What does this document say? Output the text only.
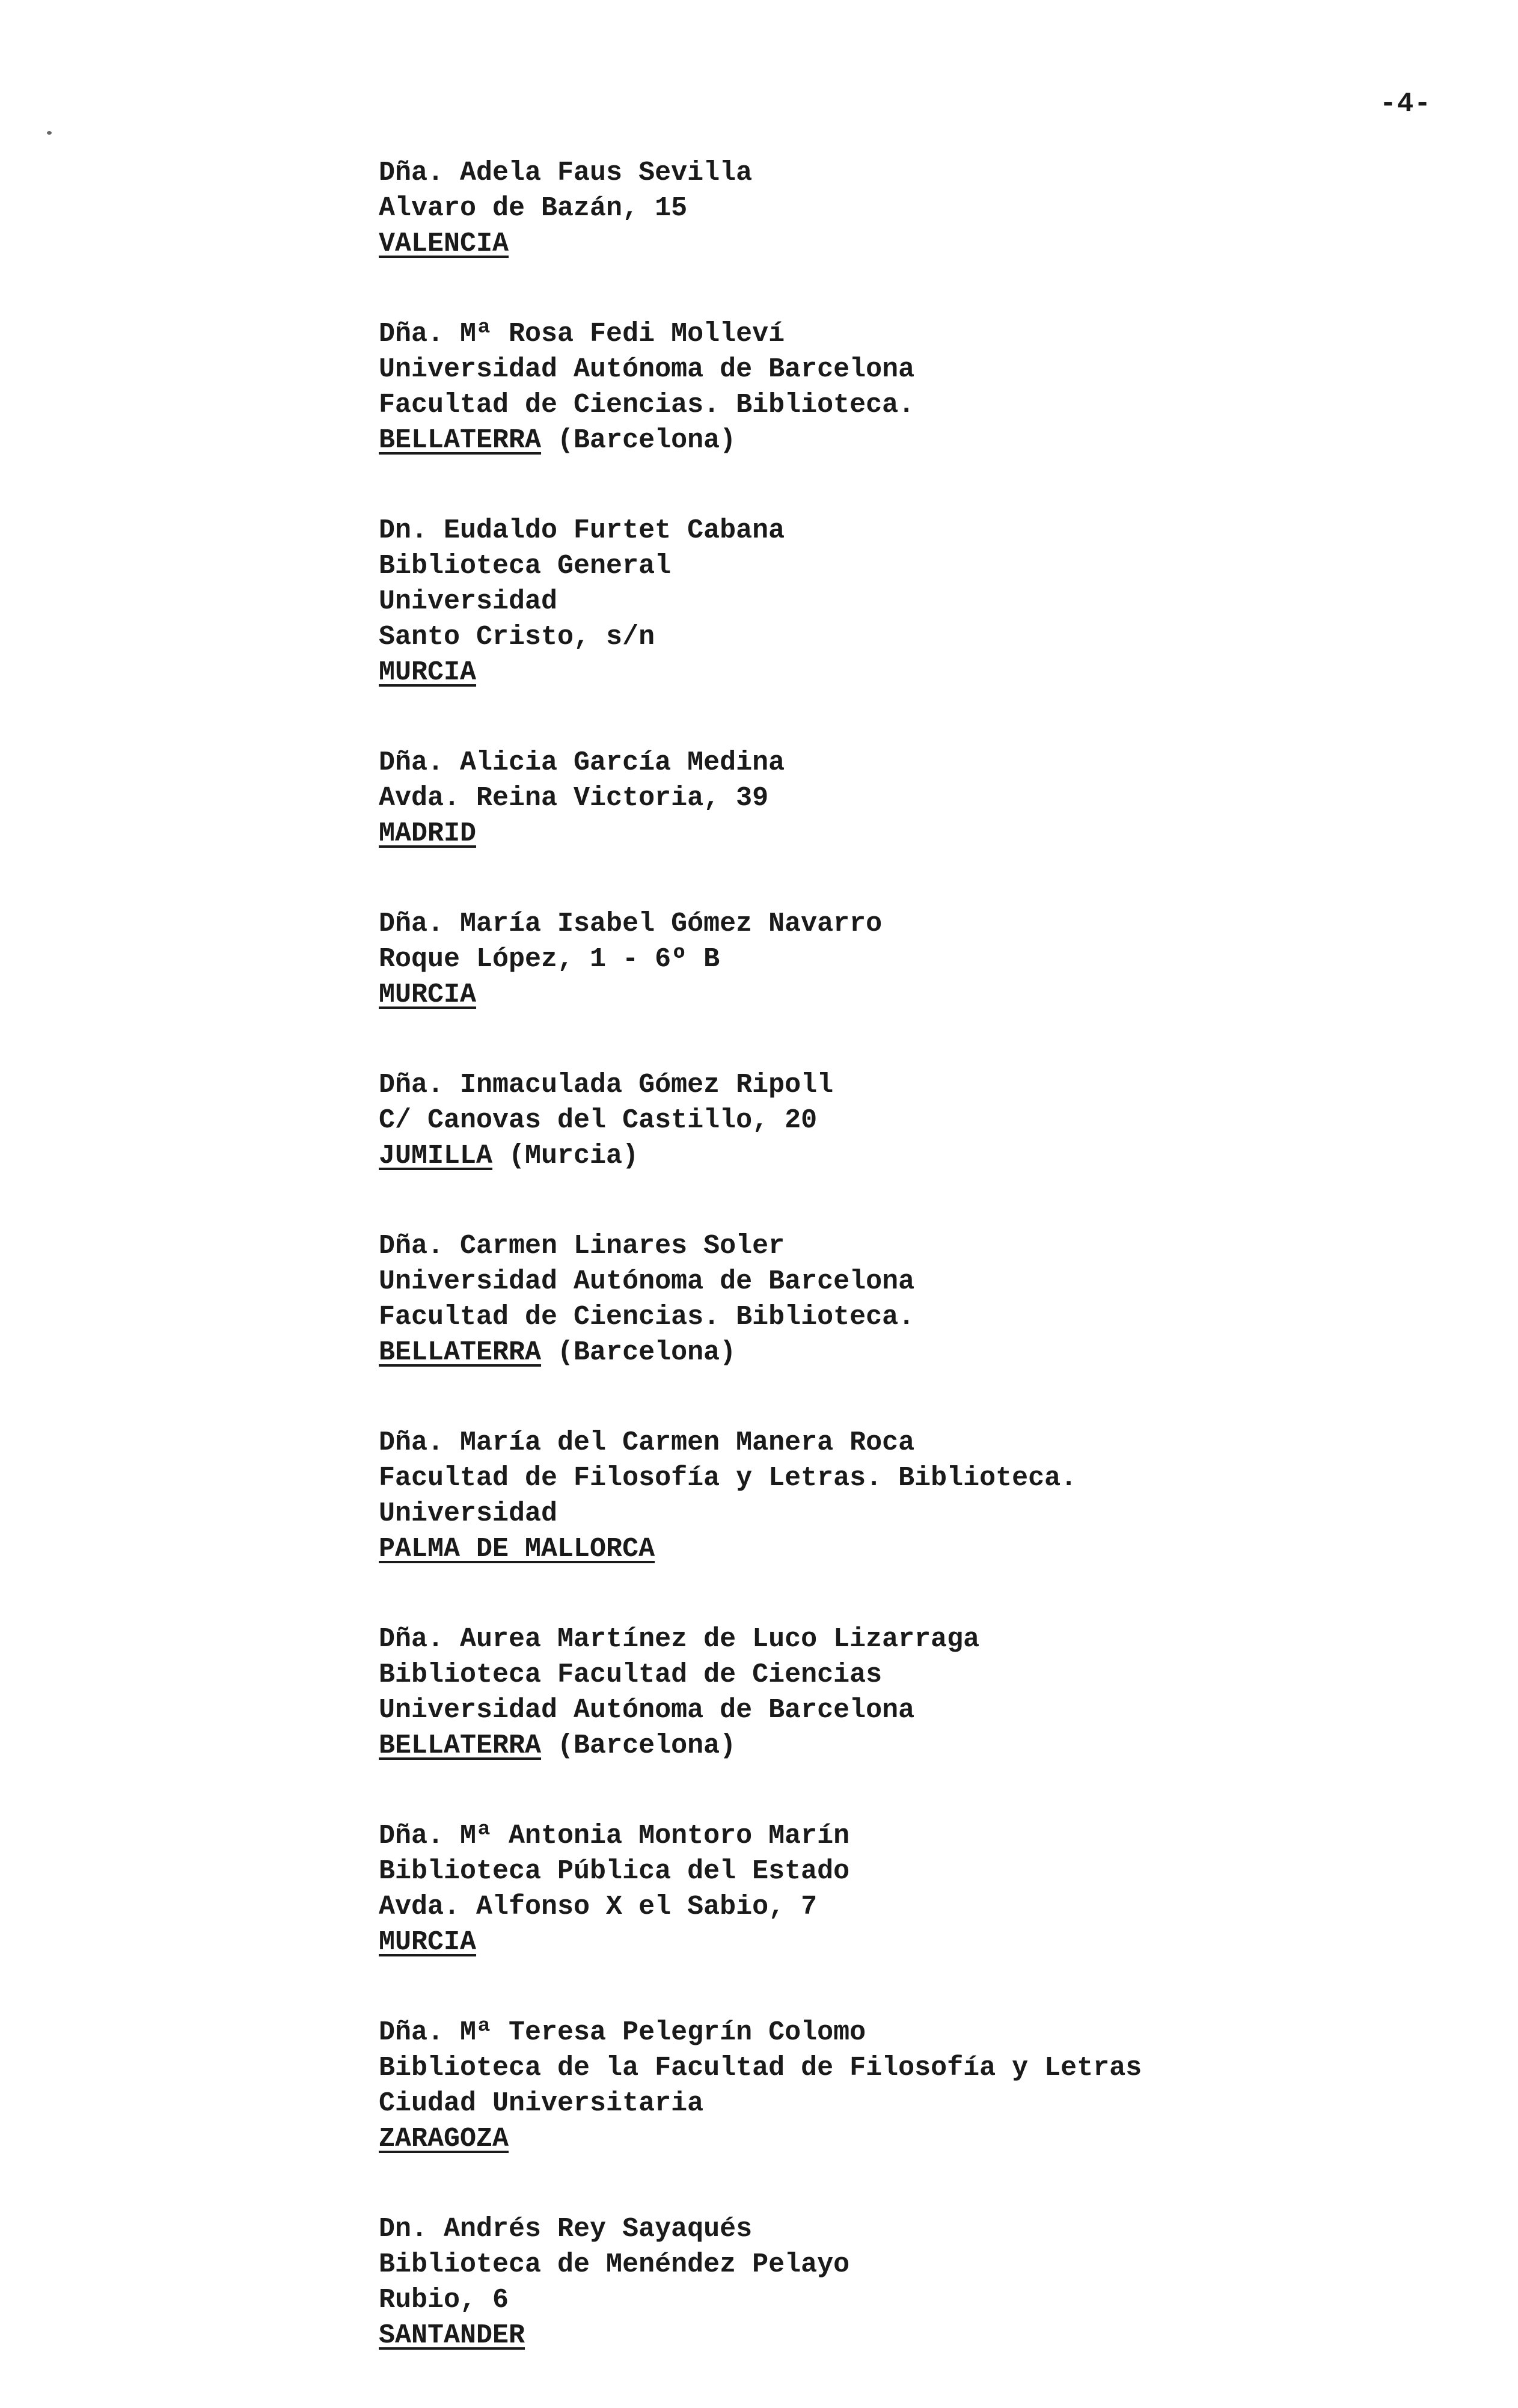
-4-
Dña. Adela Faus Sevilla
Alvaro de Bazán, 15
VALENCIA
Dña. Mª Rosa Fedi Molleví
Universidad Autónoma de Barcelona
Facultad de Ciencias. Biblioteca.
BELLATERRA (Barcelona)
Dn. Eudaldo Furtet Cabana
Biblioteca General
Universidad
Santo Cristo, s/n
MURCIA
Dña. Alicia García Medina
Avda. Reina Victoria, 39
MADRID
Dña. María Isabel Gómez Navarro
Roque López, 1 - 6º B
MURCIA
Dña. Inmaculada Gómez Ripoll
C/ Canovas del Castillo, 20
JUMILLA (Murcia)
Dña. Carmen Linares Soler
Universidad Autónoma de Barcelona
Facultad de Ciencias. Biblioteca.
BELLATERRA (Barcelona)
Dña. María del Carmen Manera Roca
Facultad de Filosofía y Letras. Biblioteca.
Universidad
PALMA DE MALLORCA
Dña. Aurea Martínez de Luco Lizarraga
Biblioteca Facultad de Ciencias
Universidad Autónoma de Barcelona
BELLATERRA (Barcelona)
Dña. Mª Antonia Montoro Marín
Biblioteca Pública del Estado
Avda. Alfonso X el Sabio, 7
MURCIA
Dña. Mª Teresa Pelegrín Colomo
Biblioteca de la Facultad de Filosofía y Letras
Ciudad Universitaria
ZARAGOZA
Dn. Andrés Rey Sayaqués
Biblioteca de Menéndez Pelayo
Rubio, 6
SANTANDER
